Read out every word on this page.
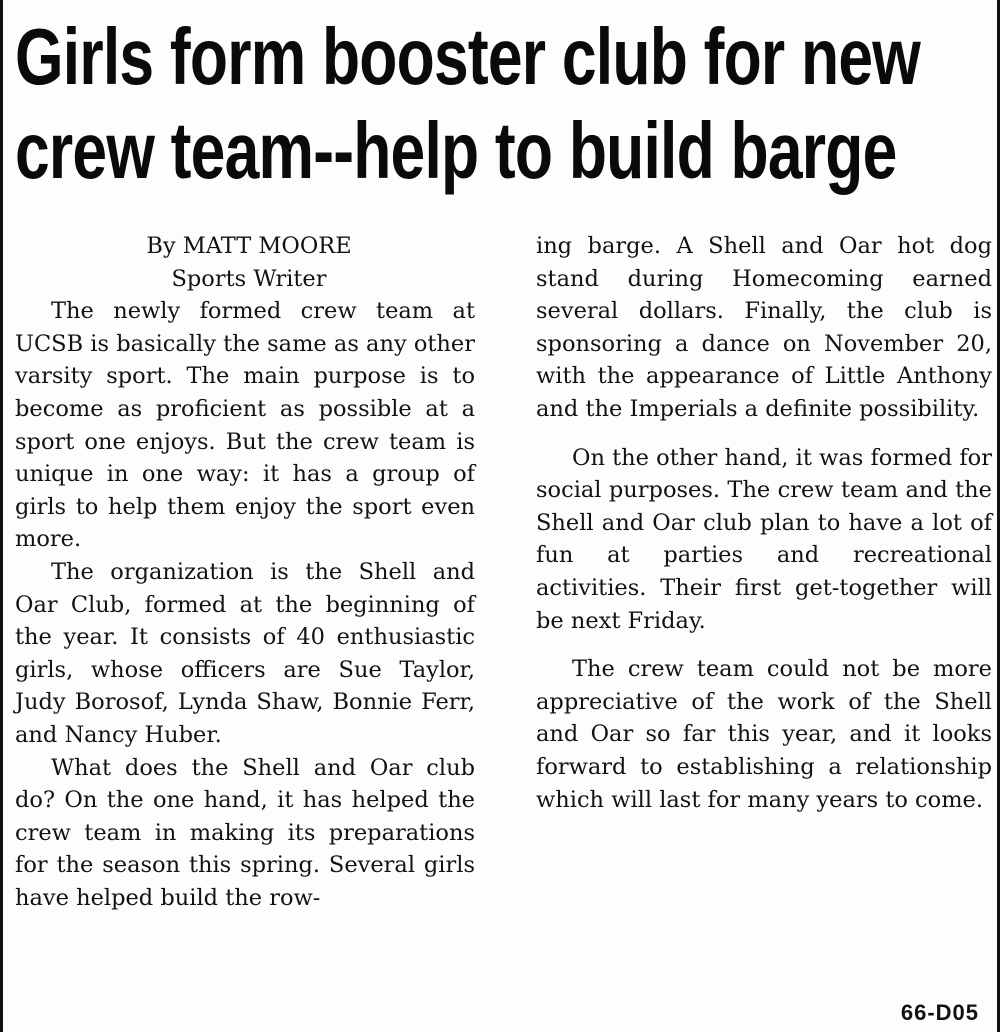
Girls form booster club for new
crew team--help to build barge

By MATT MOORE

Sports Writer

The newly formed crew team at UCSB is basically the same as any other varsity sport. The main purpose is to become as proficient as possible at a sport one enjoys. But the crew team is unique in one way: it has a group of girls to help them enjoy the sport even more.

The organization is the Shell and Oar Club, formed at the beginning of the year. It consists of 40 enthusiastic girls, whose officers are Sue Taylor, Judy Borosof, Lynda Shaw, Bonnie Ferr, and Nancy Huber.

What does the Shell and Oar club do? On the one hand, it has helped the crew team in making its preparations for the season this spring. Several girls have helped build the row-

ing barge. A Shell and Oar hot dog stand during Homecoming earned several dollars. Finally, the club is sponsoring a dance on November 20, with the appearance of Little Anthony and the Imperials a definite possibility.

On the other hand, it was formed for social purposes. The crew team and the Shell and Oar club plan to have a lot of fun at parties and recreational activities. Their first get-together will be next Friday.

The crew team could not be more appreciative of the work of the Shell and Oar so far this year, and it looks forward to establishing a relationship which will last for many years to come.

66-D05
